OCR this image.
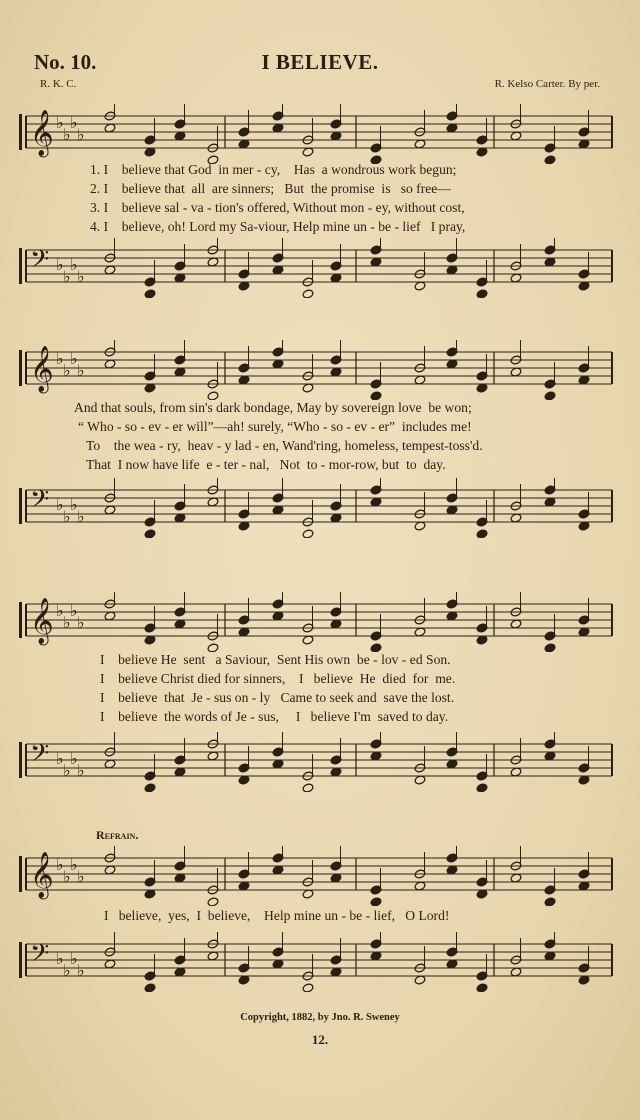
No. 10.	I BELIEVE.
R. K. C.	R. Kelso Carter. By per.
𝄞 ♭
♭
♭
♭
1. I    believe that God  in mer - cy,    Has  a wondrous work begun;
2. I    believe that  all  are sinners;   But  the promise  is   so free—
3. I    believe sal - va - tion's offered, Without mon - ey, without cost,
4. I    believe, oh! Lord my Sa-viour, Help mine un - be - lief   I pray,
𝄢 ♭
♭
♭
♭
𝄞 ♭
♭
♭
♭
And that souls, from sin's dark bondage, May by sovereign love  be won;
“ Who - so - ev - er will”—ah! surely, “Who - so - ev - er”  includes me!
To    the wea - ry,  heav - y lad - en, Wand'ring, homeless, tempest-toss'd.
That  I now have life  e - ter - nal,   Not  to - mor-row, but  to  day.
𝄢 ♭
♭
♭
♭
𝄞 ♭
♭
♭
♭
I    believe He  sent   a Saviour,  Sent His own  be - lov - ed Son.
I    believe Christ died for sinners,    I   believe  He  died  for  me.
I    believe  that  Je - sus on - ly   Came to seek and  save the lost.
I    believe  the words of Je - sus,     I   believe I'm  saved to day.
𝄢 ♭
♭
♭
♭
Refrain.
𝄞 ♭
♭
♭
♭
I   believe,  yes,  I  believe,    Help mine un - be - lief,   O Lord!
𝄢 ♭
♭
♭
♭
Copyright, 1882, by Jno. R. Sweney
12.
